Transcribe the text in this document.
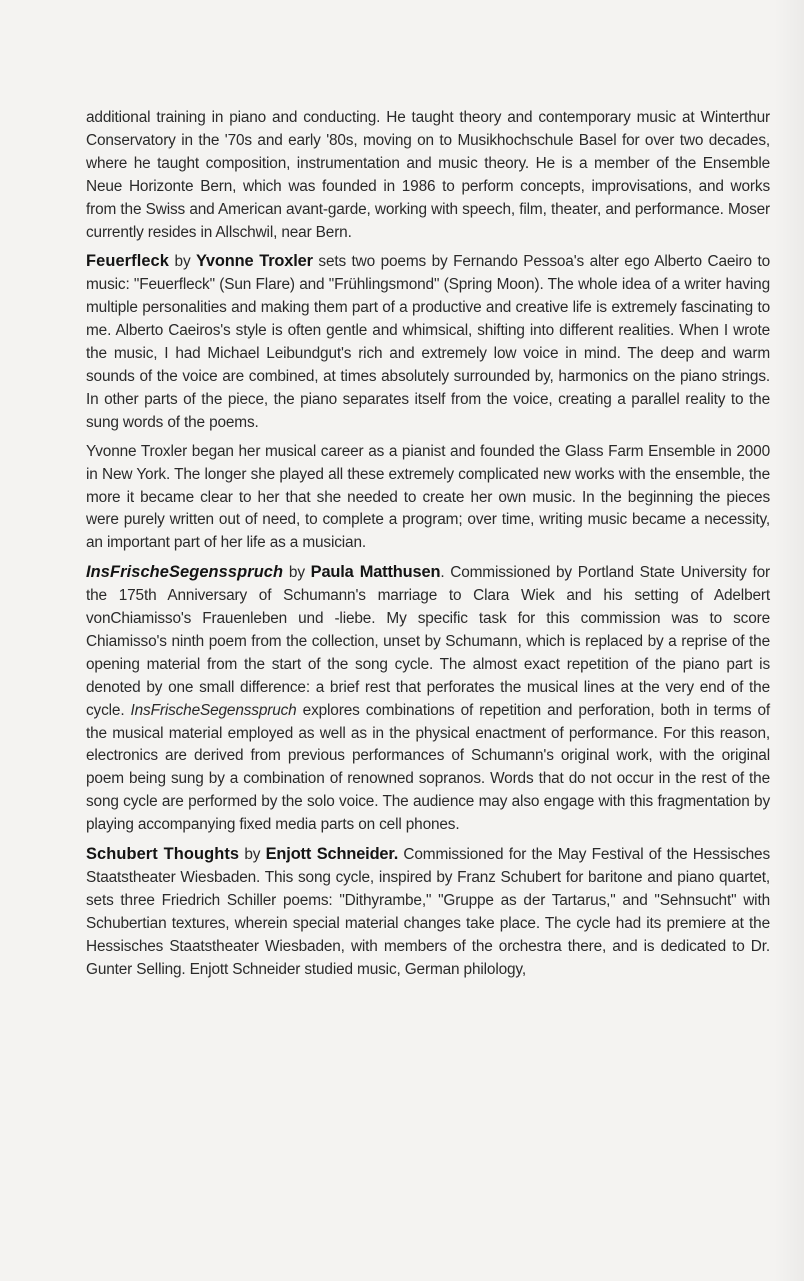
additional training in piano and conducting. He taught theory and contemporary music at Winterthur Conservatory in the '70s and early '80s, moving on to Musikhochschule Basel for over two decades, where he taught composition, instrumentation and music theory. He is a member of the Ensemble Neue Horizonte Bern, which was founded in 1986 to perform concepts, improvisations, and works from the Swiss and American avant-garde, working with speech, film, theater, and performance. Moser currently resides in Allschwil, near Bern.

Feuerfleck by Yvonne Troxler sets two poems by Fernando Pessoa's alter ego Alberto Caeiro to music: "Feuerfleck" (Sun Flare) and "Frühlingsmond" (Spring Moon). The whole idea of a writer having multiple personalities and making them part of a productive and creative life is extremely fascinating to me. Alberto Caeiros's style is often gentle and whimsical, shifting into different realities. When I wrote the music, I had Michael Leibundgut's rich and extremely low voice in mind. The deep and warm sounds of the voice are combined, at times absolutely surrounded by, harmonics on the piano strings. In other parts of the piece, the piano separates itself from the voice, creating a parallel reality to the sung words of the poems.

Yvonne Troxler began her musical career as a pianist and founded the Glass Farm Ensemble in 2000 in New York. The longer she played all these extremely complicated new works with the ensemble, the more it became clear to her that she needed to create her own music. In the beginning the pieces were purely written out of need, to complete a program; over time, writing music became a necessity, an important part of her life as a musician.

InsFrischeSegensspruch by Paula Matthusen. Commissioned by Portland State University for the 175th Anniversary of Schumann's marriage to Clara Wiek and his setting of Adelbert vonChiamisso's Frauenleben und -liebe. My specific task for this commission was to score Chiamisso's ninth poem from the collection, unset by Schumann, which is replaced by a reprise of the opening material from the start of the song cycle. The almost exact repetition of the piano part is denoted by one small difference: a brief rest that perforates the musical lines at the very end of the cycle. InsFrischeSegensspruch explores combinations of repetition and perforation, both in terms of the musical material employed as well as in the physical enactment of performance. For this reason, electronics are derived from previous performances of Schumann's original work, with the original poem being sung by a combination of renowned sopranos. Words that do not occur in the rest of the song cycle are performed by the solo voice. The audience may also engage with this fragmentation by playing accompanying fixed media parts on cell phones.

Schubert Thoughts by Enjott Schneider. Commissioned for the May Festival of the Hessisches Staatstheater Wiesbaden. This song cycle, inspired by Franz Schubert for baritone and piano quartet, sets three Friedrich Schiller poems: "Dithyrambe," "Gruppe as der Tartarus," and "Sehnsucht" with Schubertian textures, wherein special material changes take place. The cycle had its premiere at the Hessisches Staatstheater Wiesbaden, with members of the orchestra there, and is dedicated to Dr. Gunter Selling. Enjott Schneider studied music, German philology,
